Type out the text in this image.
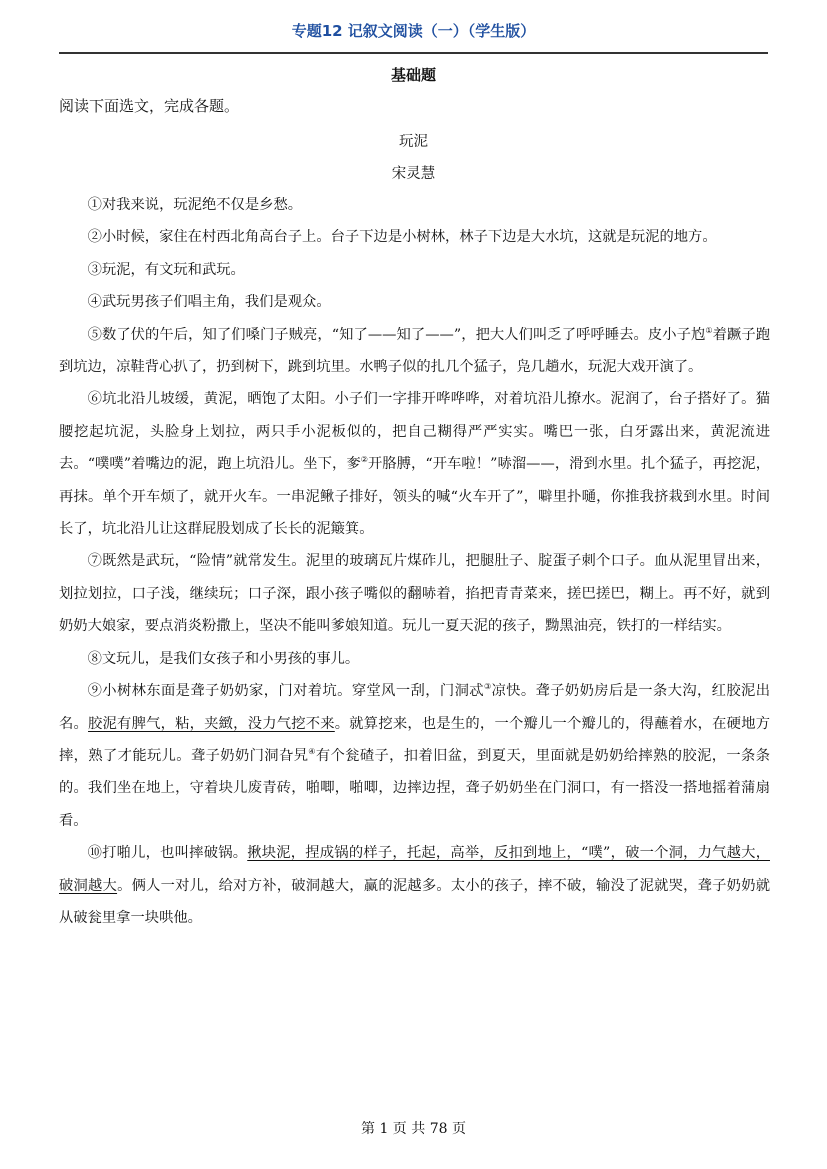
专题12 记叙文阅读（一）（学生版）
基础题
阅读下面选文，完成各题。
玩泥
宋灵慧

①对我来说，玩泥绝不仅是乡愁。

②小时候，家住在村西北角高台子上。台子下边是小树林，林子下边是大水坑，这就是玩泥的地方。

③玩泥，有文玩和武玩。

④武玩男孩子们唱主角，我们是观众。

⑤数了伏的午后，知了们嗓门子贼亮，“知了——知了——”，把大人们叫乏了呼呼睡去。皮小子尥①着蹶子跑到坑边，凉鞋背心扒了，扔到树下，跳到坑里。水鸭子似的扎几个猛子，凫几趟水，玩泥大戏开演了。

⑥坑北沿儿坡缓，黄泥，晒饱了太阳。小子们一字排开哗哗哗，对着坑沿儿撩水。泥润了，台子搭好了。猫腰挖起坑泥，头脸身上划拉，两只手小泥板似的，把自己糊得严严实实。嘴巴一张，白牙露出来，黄泥流进去。“噗噗”着嘴边的泥，跑上坑沿儿。坐下，奓②开胳膊，“开车啦！”哧溜——，滑到水里。扎个猛子，再挖泥，再抹。单个开车烦了，就开火车。一串泥鳅子排好，领头的喊“火车开了”，噼里扑嗵，你推我挤栽到水里。时间长了，坑北沿儿让这群屁股划成了长长的泥簸箕。

⑦既然是武玩，“险情”就常发生。泥里的玻璃瓦片煤砟儿，把腿肚子、腚蛋子刺个口子。血从泥里冒出来，划拉划拉，口子浅，继续玩；口子深，跟小孩子嘴似的翻哧着，掐把青青菜来，搓巴搓巴，糊上。再不好，就到奶奶大娘家，要点消炎粉撒上，坚决不能叫爹娘知道。玩儿一夏天泥的孩子，黝黑油亮，铁打的一样结实。

⑧文玩儿，是我们女孩子和小男孩的事儿。

⑨小树林东面是聋子奶奶家，门对着坑。穿堂风一刮，门洞忒③凉快。聋子奶奶房后是一条大沟，红胶泥出名。胶泥有脾气，粘，夹緻，没力气挖不来。就算挖来，也是生的，一个瓣儿一个瓣儿的，得蘸着水，在硬地方摔，熟了才能玩儿。聋子奶奶门洞旮旯④有个瓮碴子，扣着旧盆，到夏天，里面就是奶奶给摔熟的胶泥，一条条的。我们坐在地上，守着块儿废青砖，啪唧，啪唧，边摔边捏，聋子奶奶坐在门洞口，有一搭没一搭地摇着蒲扇看。

⑩打啪儿，也叫摔破锅。揪块泥，捏成锅的样子，托起，高举，反扣到地上，“噗”，破一个洞，力气越大，破洞越大。俩人一对儿，给对方补，破洞越大，赢的泥越多。太小的孩子，摔不破，输没了泥就哭，聋子奶奶就从破瓮里拿一块哄他。

第 1 页 共 78 页
